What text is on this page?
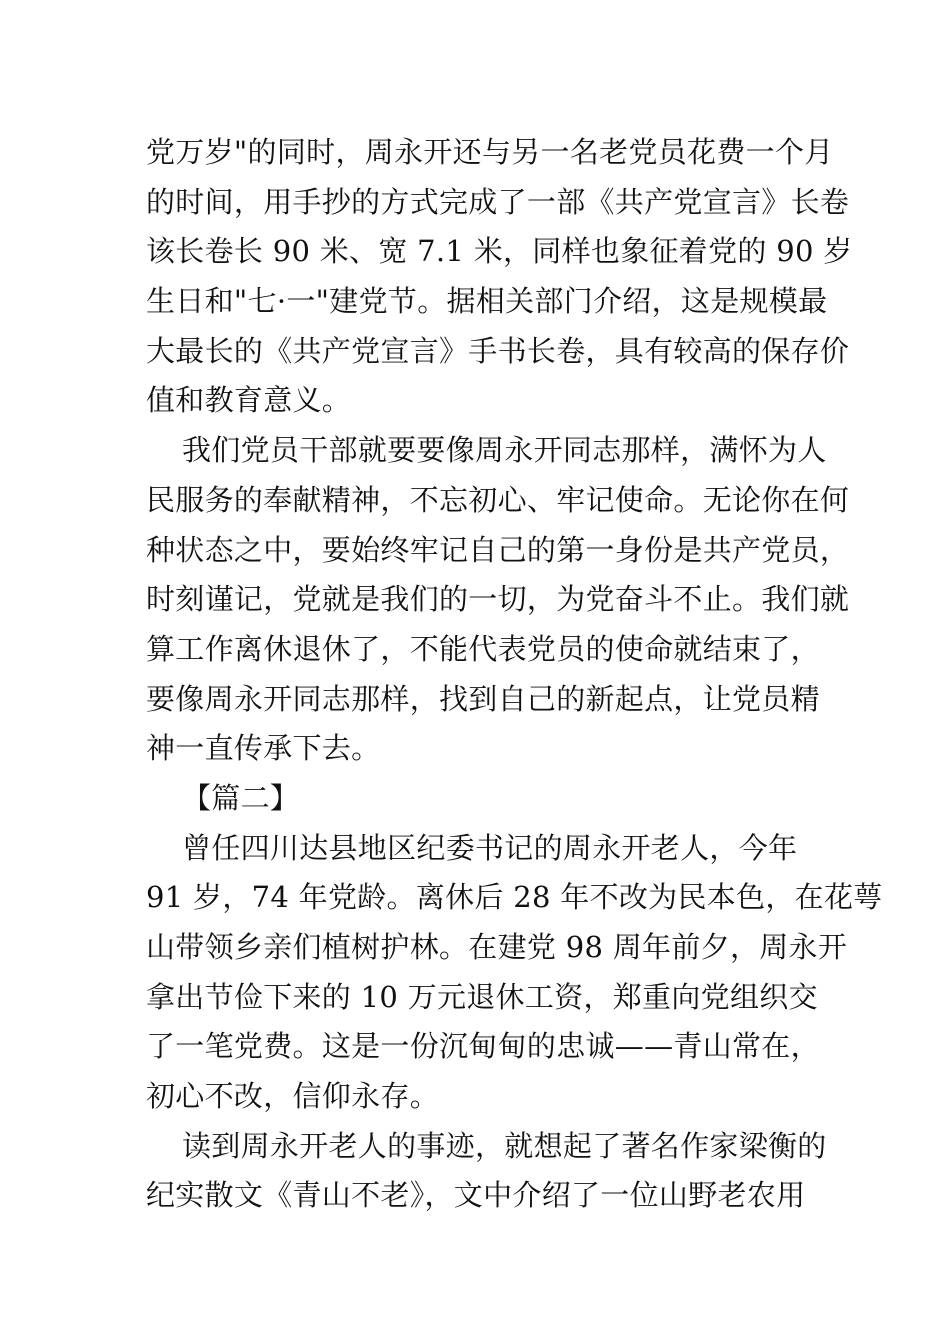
党万岁"的同时，周永开还与另一名老党员花费一个月
的时间，用手抄的方式完成了一部《共产党宣言》长卷
该长卷长 90 米、宽 7.1 米，同样也象征着党的 90 岁
生日和"七·一"建党节。据相关部门介绍，这是规模最
大最长的《共产党宣言》手书长卷，具有较高的保存价
值和教育意义。
我们党员干部就要要像周永开同志那样，满怀为人
民服务的奉献精神，不忘初心、牢记使命。无论你在何
种状态之中，要始终牢记自己的第一身份是共产党员，
时刻谨记，党就是我们的一切，为党奋斗不止。我们就
算工作离休退休了，不能代表党员的使命就结束了，
要像周永开同志那样，找到自己的新起点，让党员精
神一直传承下去。
【篇二】
曾任四川达县地区纪委书记的周永开老人，今年
91 岁，74 年党龄。离休后 28 年不改为民本色，在花萼
山带领乡亲们植树护林。在建党 98 周年前夕，周永开
拿出节俭下来的 10 万元退休工资，郑重向党组织交
了一笔党费。这是一份沉甸甸的忠诚——青山常在，
初心不改，信仰永存。
读到周永开老人的事迹，就想起了著名作家梁衡的
纪实散文《青山不老》，文中介绍了一位山野老农用
